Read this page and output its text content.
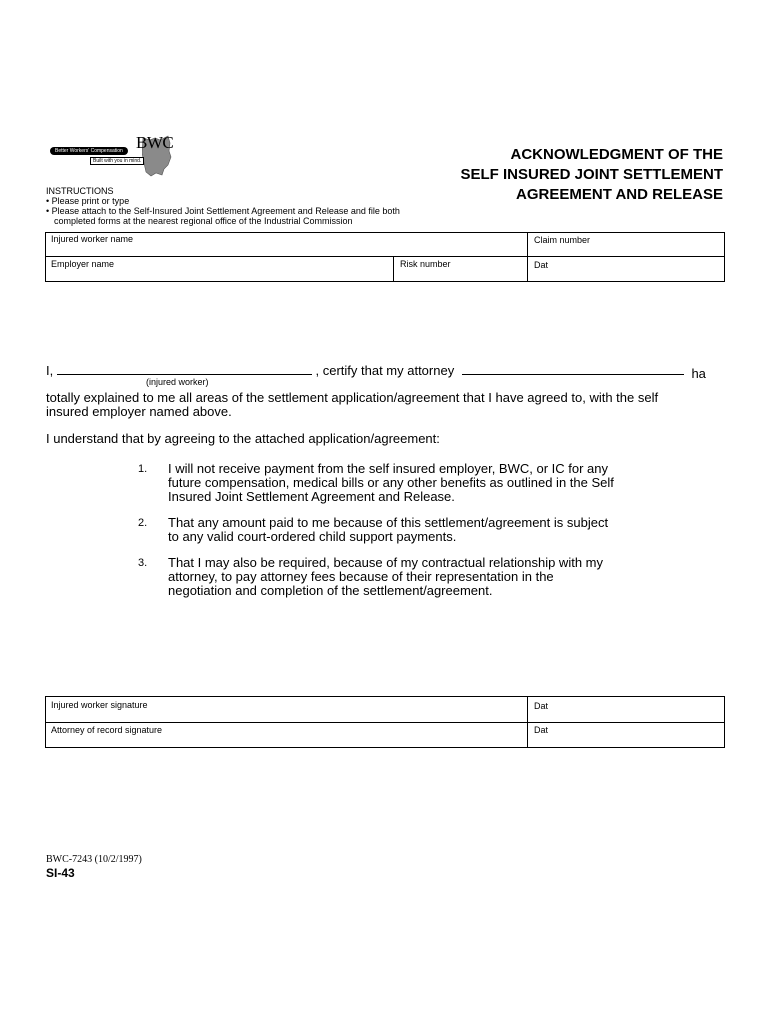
BWC
Better Workers' Compensation
Built with you in mind.	ACKNOWLEDGMENT OF THE
SELF INSURED JOINT SETTLEMENT
AGREEMENT AND RELEASE
INSTRUCTIONS
• Please print or type
• Please attach to the Self-Insured Joint Settlement Agreement and Release and file both
completed forms at the nearest regional office of the Industrial Commission
Injured worker name	Claim number
Employer name	Risk number	Dat
I,	, certify that my attorney	ha
(injured worker)
totally explained to me all areas of the settlement application/agreement that I have agreed to, with the self
insured employer named above.
I understand that by agreeing to the attached application/agreement:
1. I will not receive payment from the self insured employer, BWC, or IC for any
future compensation, medical bills or any other benefits as outlined in the Self
Insured Joint Settlement Agreement and Release.
2. That any amount paid to me because of this settlement/agreement is subject
to any valid court-ordered child support payments.
3. That I may also be required, because of my contractual relationship with my
attorney, to pay attorney fees because of their representation in the
negotiation and completion of the settlement/agreement.
Injured worker signature	Dat
Attorney of record signature	Dat
BWC-7243 (10/2/1997)
SI-43
